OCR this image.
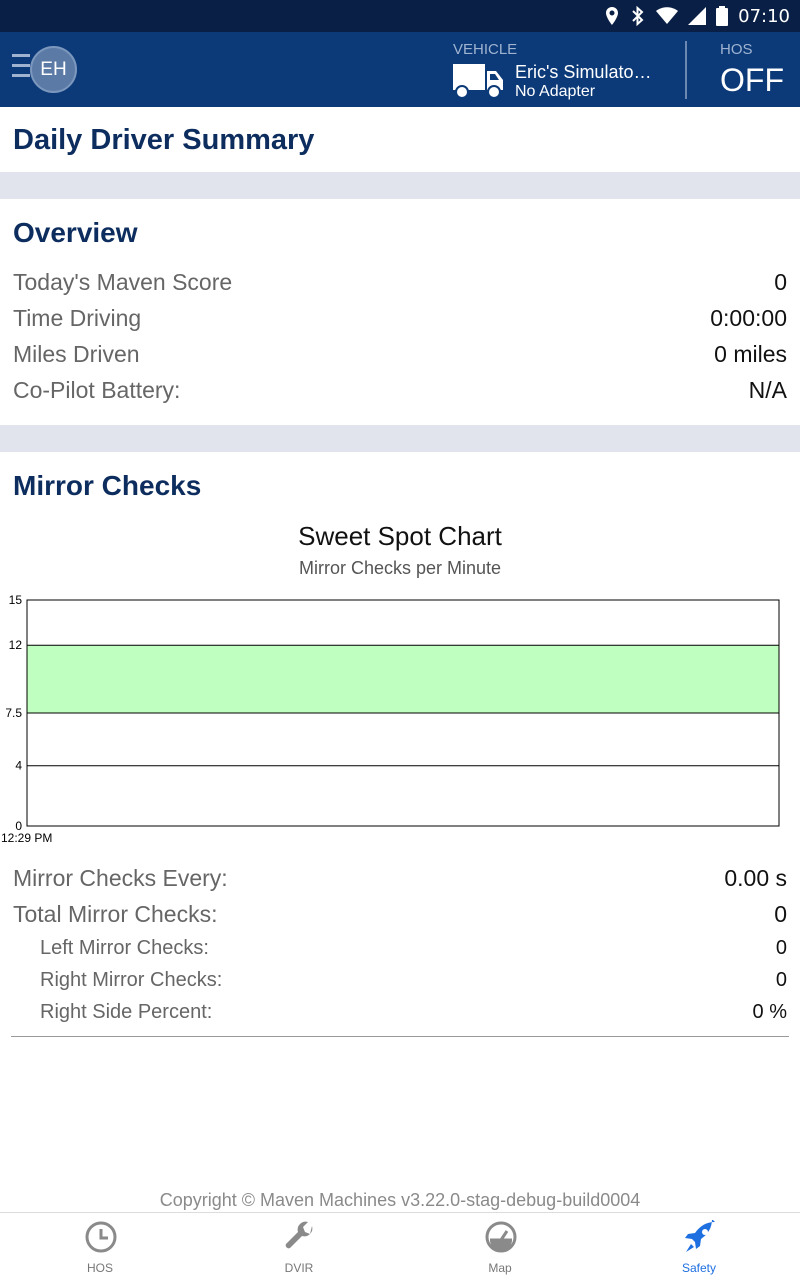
07:10
EH
VEHICLE
Eric's Simulato…
No Adapter
HOS
OFF
Daily Driver Summary
Overview
Today's Maven Score	0
Time Driving	0:00:00
Miles Driven	0 miles
Co-Pilot Battery:	N/A
Mirror Checks
Sweet Spot Chart
Mirror Checks per Minute
0
4
7.5
12
15
12:29 PM
Mirror Checks Every:	0.00 s
Total Mirror Checks:	0
Left Mirror Checks:	0
Right Mirror Checks:	0
Right Side Percent:	0 %
Copyright © Maven Machines v3.22.0-stag-debug-build0004
HOS	DVIR	Map	Safety
